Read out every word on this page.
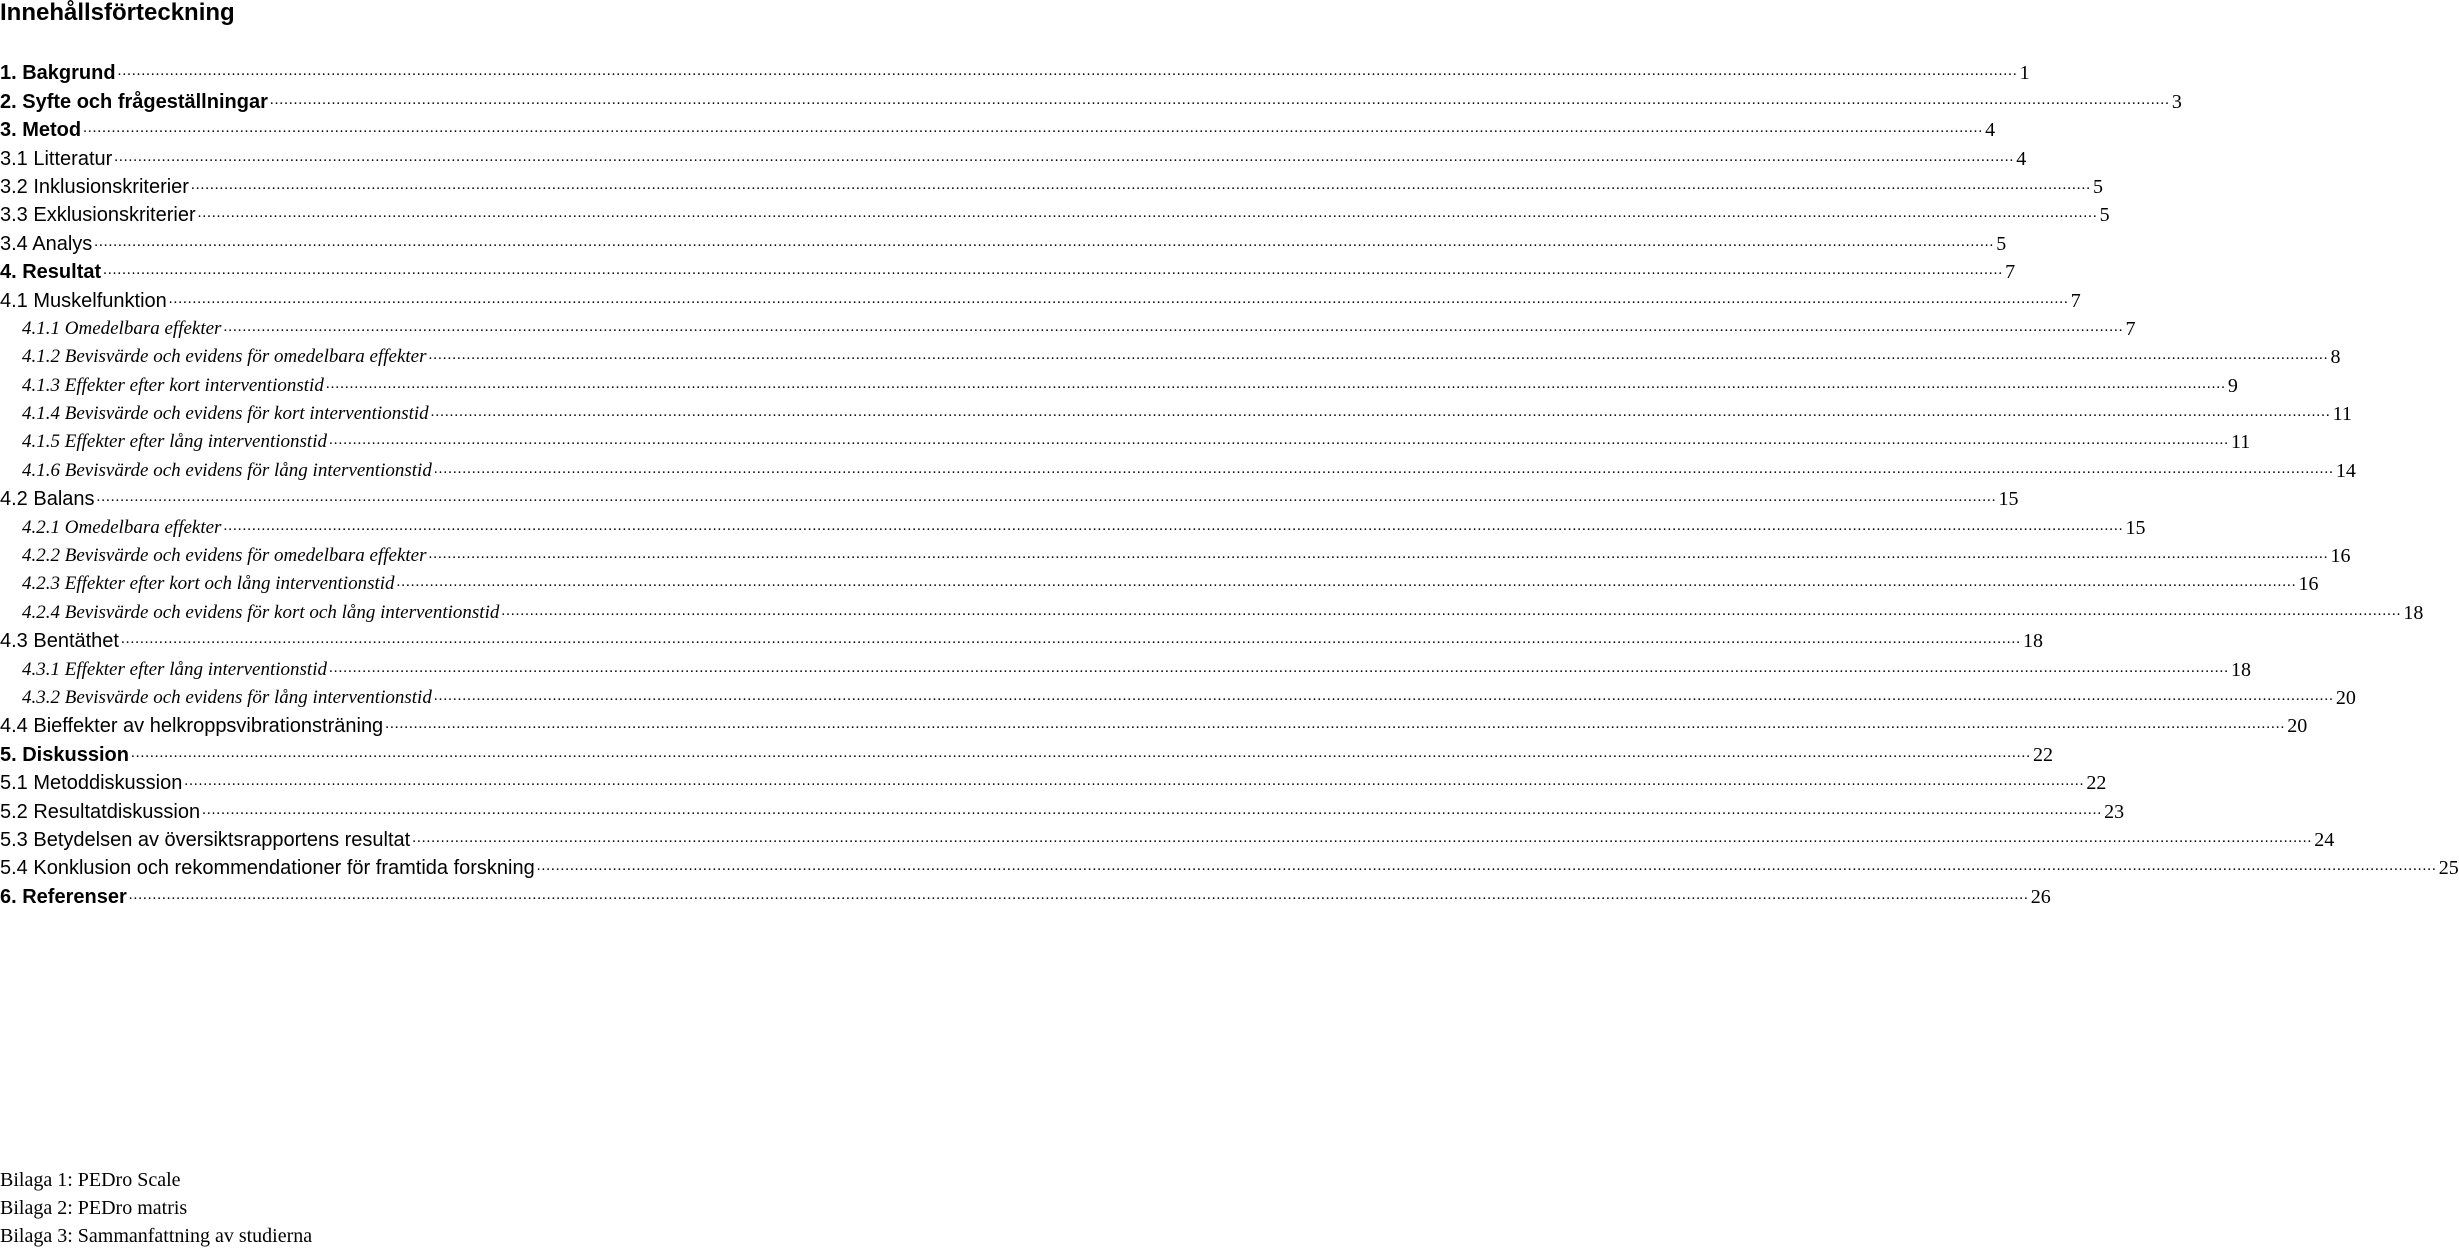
Innehållsförteckning
1. Bakgrund ................................................................................................................................................................................................................................................................................................................................................................................................................ 1
2. Syfte och frågeställningar ................................................................................................................................................................................................................................................................................................................................................................................................................ 3
3. Metod ................................................................................................................................................................................................................................................................................................................................................................................................................ 4
3.1 Litteratur ................................................................................................................................................................................................................................................................................................................................................................................................................ 4
3.2 Inklusionskriterier ................................................................................................................................................................................................................................................................................................................................................................................................................ 5
3.3 Exklusionskriterier ................................................................................................................................................................................................................................................................................................................................................................................................................ 5
3.4 Analys ................................................................................................................................................................................................................................................................................................................................................................................................................ 5
4. Resultat ................................................................................................................................................................................................................................................................................................................................................................................................................ 7
4.1 Muskelfunktion ................................................................................................................................................................................................................................................................................................................................................................................................................ 7
4.1.1 Omedelbara effekter ................................................................................................................................................................................................................................................................................................................................................................................................................ 7
4.1.2 Bevisvärde och evidens för omedelbara effekter ................................................................................................................................................................................................................................................................................................................................................................................................................ 8
4.1.3 Effekter efter kort interventionstid ................................................................................................................................................................................................................................................................................................................................................................................................................ 9
4.1.4 Bevisvärde och evidens för kort interventionstid ................................................................................................................................................................................................................................................................................................................................................................................................................ 11
4.1.5 Effekter efter lång interventionstid ................................................................................................................................................................................................................................................................................................................................................................................................................ 11
4.1.6 Bevisvärde och evidens för lång interventionstid ................................................................................................................................................................................................................................................................................................................................................................................................................ 14
4.2 Balans ................................................................................................................................................................................................................................................................................................................................................................................................................ 15
4.2.1 Omedelbara effekter ................................................................................................................................................................................................................................................................................................................................................................................................................ 15
4.2.2 Bevisvärde och evidens för omedelbara effekter ................................................................................................................................................................................................................................................................................................................................................................................................................ 16
4.2.3 Effekter efter kort och lång interventionstid ................................................................................................................................................................................................................................................................................................................................................................................................................ 16
4.2.4 Bevisvärde och evidens för kort och lång interventionstid ................................................................................................................................................................................................................................................................................................................................................................................................................ 18
4.3 Bentäthet ................................................................................................................................................................................................................................................................................................................................................................................................................ 18
4.3.1 Effekter efter lång interventionstid ................................................................................................................................................................................................................................................................................................................................................................................................................ 18
4.3.2 Bevisvärde och evidens för lång interventionstid ................................................................................................................................................................................................................................................................................................................................................................................................................ 20
4.4 Bieffekter av helkroppsvibrationsträning ................................................................................................................................................................................................................................................................................................................................................................................................................ 20
5. Diskussion ................................................................................................................................................................................................................................................................................................................................................................................................................ 22
5.1 Metoddiskussion ................................................................................................................................................................................................................................................................................................................................................................................................................ 22
5.2 Resultatdiskussion ................................................................................................................................................................................................................................................................................................................................................................................................................ 23
5.3 Betydelsen av översiktsrapportens resultat ................................................................................................................................................................................................................................................................................................................................................................................................................ 24
5.4 Konklusion och rekommendationer för framtida forskning ................................................................................................................................................................................................................................................................................................................................................................................................................ 25
6. Referenser ................................................................................................................................................................................................................................................................................................................................................................................................................ 26
Bilaga 1: PEDro Scale
Bilaga 2: PEDro matris
Bilaga 3: Sammanfattning av studierna
